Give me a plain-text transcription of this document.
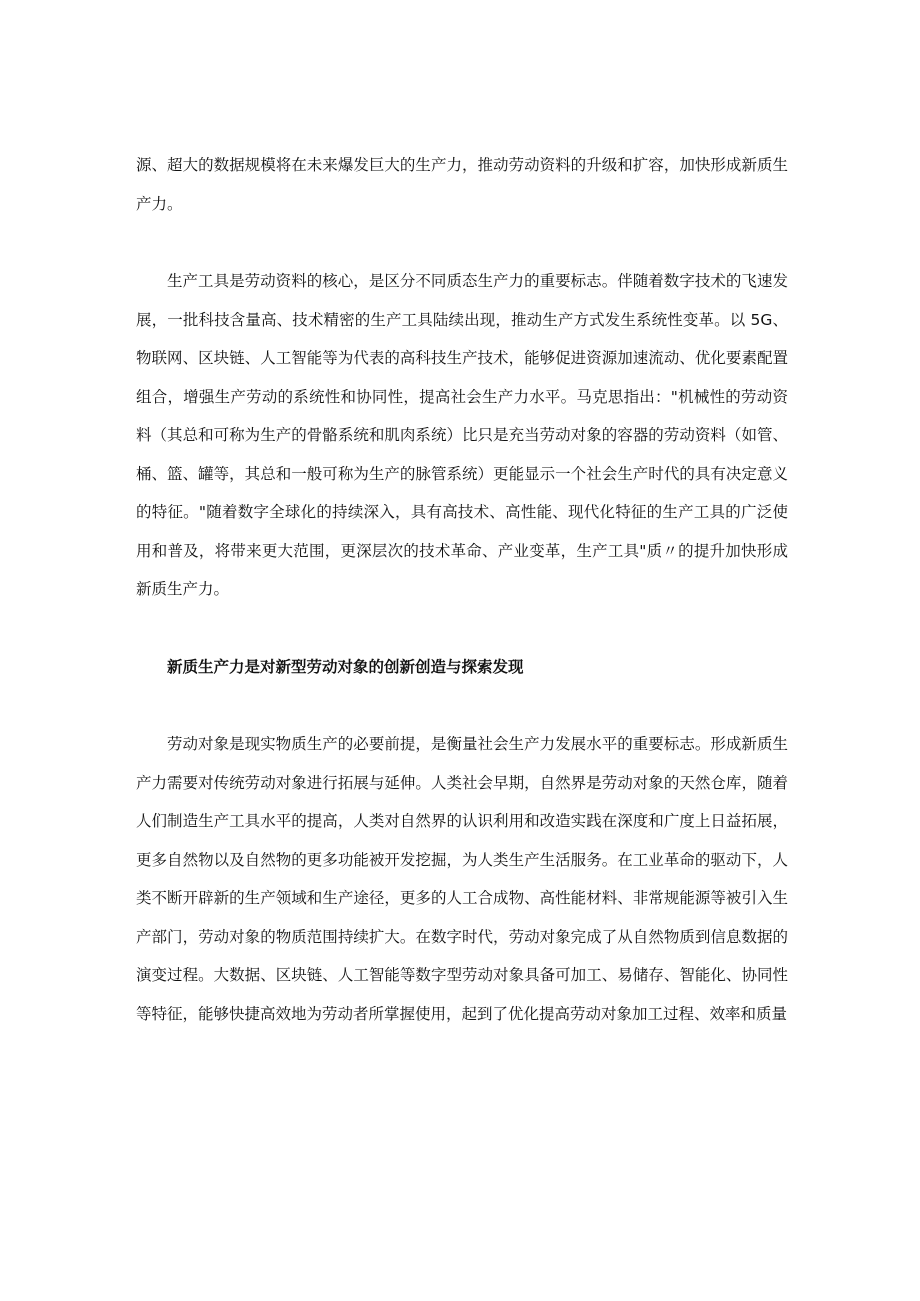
源、超大的数据规模将在未来爆发巨大的生产力，推动劳动资料的升级和扩容，加快形成新质生产力。

生产工具是劳动资料的核心，是区分不同质态生产力的重要标志。伴随着数字技术的飞速发展，一批科技含量高、技术精密的生产工具陆续出现，推动生产方式发生系统性变革。以 5G、物联网、区块链、人工智能等为代表的高科技生产技术，能够促进资源加速流动、优化要素配置组合，增强生产劳动的系统性和协同性，提高社会生产力水平。马克思指出："机械性的劳动资料（其总和可称为生产的骨骼系统和肌肉系统）比只是充当劳动对象的容器的劳动资料（如管、桶、篮、罐等，其总和一般可称为生产的脉管系统）更能显示一个社会生产时代的具有决定意义的特征。"随着数字全球化的持续深入，具有高技术、高性能、现代化特征的生产工具的广泛使用和普及，将带来更大范围，更深层次的技术革命、产业变革，生产工具"质〃的提升加快形成新质生产力。

新质生产力是对新型劳动对象的创新创造与探索发现

劳动对象是现实物质生产的必要前提，是衡量社会生产力发展水平的重要标志。形成新质生产力需要对传统劳动对象进行拓展与延伸。人类社会早期，自然界是劳动对象的天然仓库，随着人们制造生产工具水平的提高，人类对自然界的认识利用和改造实践在深度和广度上日益拓展，更多自然物以及自然物的更多功能被开发挖掘，为人类生产生活服务。在工业革命的驱动下，人类不断开辟新的生产领域和生产途径，更多的人工合成物、高性能材料、非常规能源等被引入生产部门，劳动对象的物质范围持续扩大。在数字时代，劳动对象完成了从自然物质到信息数据的演变过程。大数据、区块链、人工智能等数字型劳动对象具备可加工、易储存、智能化、协同性等特征，能够快捷高效地为劳动者所掌握使用，起到了优化提高劳动对象加工过程、效率和质量
